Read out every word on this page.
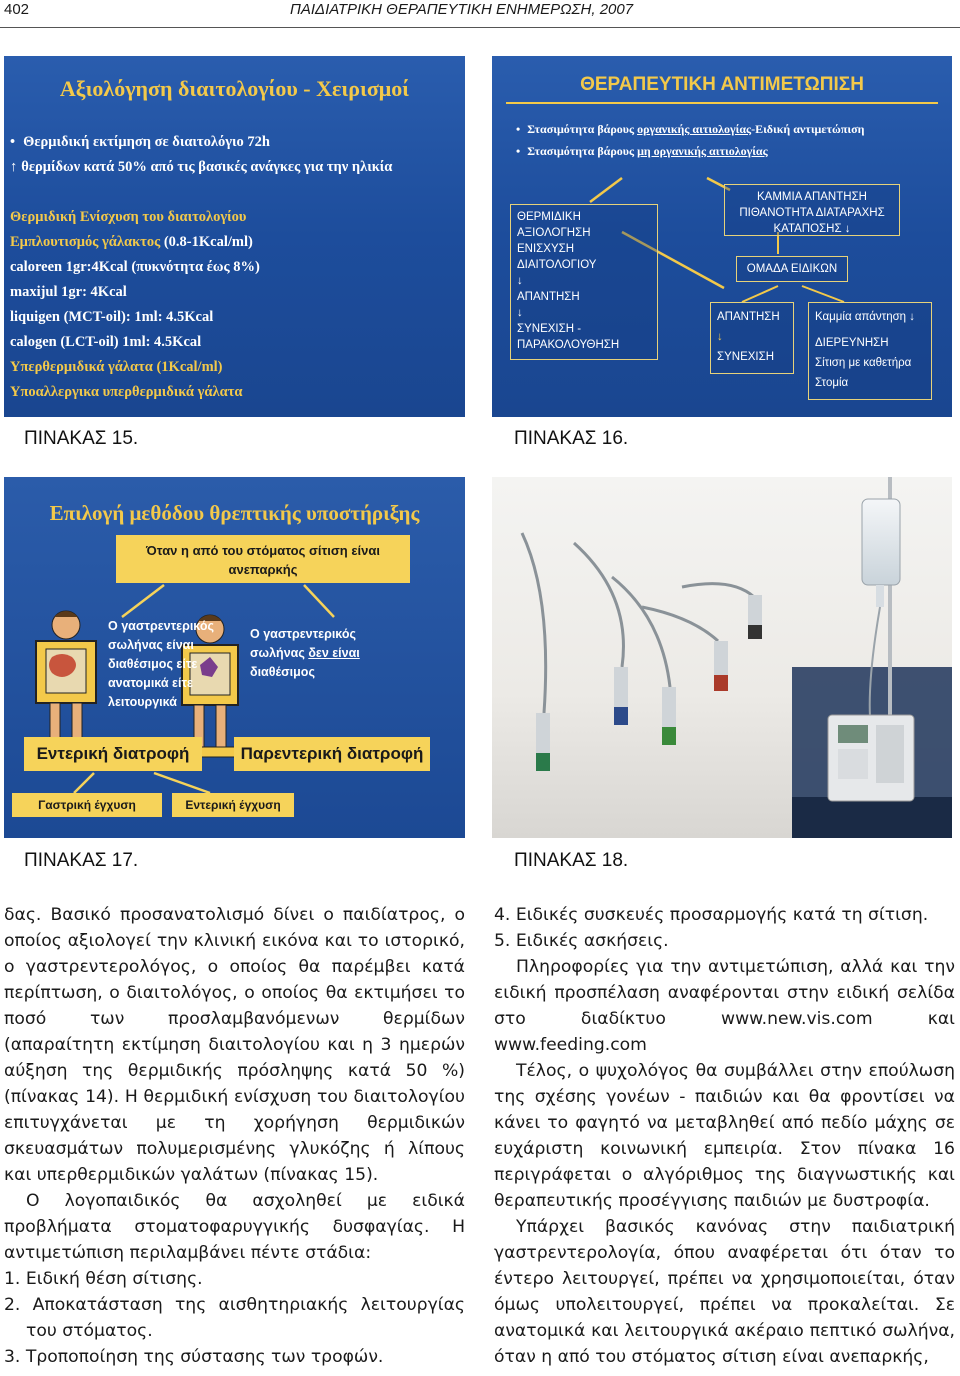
402	ΠΑΙΔΙΑΤΡΙΚΗ ΘΕΡΑΠΕΥΤΙΚΗ ΕΝΗΜΕΡΩΣΗ, 2007
Αξιολόγηση διαιτολογίου - Χειρισμοί
• Θερμιδική εκτίμηση σε διαιτολόγιο 72h
↑ θερμίδων κατά 50% από τις βασικές ανάγκες για την ηλικία
Θερμιδική Ενίσχυση του διαιτολογίου
Εμπλουτισμός γάλακτος (0.8-1Kcal/ml)
caloreen 1gr:4Kcal (πυκνότητα έως 8%)
maxijul 1gr: 4Kcal
liquigen (MCT-oil): 1ml: 4.5Kcal
calogen (LCT-oil) 1ml: 4.5Kcal
Υπερθερμιδικά γάλατα (1Kcal/ml)
Υποαλλεργικα υπερθερμιδικά γάλατα
ΠΙΝΑΚΑΣ 15.
ΘΕΡΑΠΕΥΤΙΚΗ ΑΝΤΙΜΕΤΩΠΙΣΗ
• Στασιμότητα βάρους οργανικής αιτιολογίας-Ειδική αντιμετώπιση
• Στασιμότητα βάρους μη οργανικής αιτιολογίας
ΘΕΡΜΙΔΙΚΗ
ΑΞΙΟΛΟΓΗΣΗ
ΕΝΙΣΧΥΣΗ
ΔΙΑΙΤΟΛΟΓΙΟΥ
↓
ΑΠΑΝΤΗΣΗ
↓
ΣΥΝΕΧΙΣΗ -
ΠΑΡΑΚΟΛΟΥΘΗΣΗ
ΚΑΜΜΙΑ ΑΠΑΝΤΗΣΗ
ΠΙΘΑΝΟΤΗΤΑ ΔΙΑΤΑΡΑΧΗΣ
ΚΑΤΑΠΟΣΗΣ ↓
ΟΜΑΔΑ ΕΙΔΙΚΩΝ
ΑΠΑΝΤΗΣΗ
↓
ΣΥΝΕΧΙΣΗ
Καμμία απάντηση ↓
ΔΙΕΡΕΥΝΗΣΗ
Σίτιση με καθετήρα
Στομία
ΠΙΝΑΚΑΣ 16.
Επιλογή μεθόδου θρεπτικής υποστήριξης
Όταν η από του στόματος σίτιση είναι
ανεπαρκής
Ο γαστρεντερικός
σωλήνας είναι
διαθέσιμος είτε
ανατομικά είτε
λειτουργικά
Ο γαστρεντερικός
σωλήνας δεν είναι
διαθέσιμος
Εντερική διατροφή	Παρεντερική διατροφή
Γαστρική έγχυση	Εντερική έγχυση
ΠΙΝΑΚΑΣ 17.	ΠΙΝΑΚΑΣ 18.

δας. Βασικό προσανατολισμό δίνει ο παιδίατρος, ο οποίος αξιολογεί την κλινική εικόνα και το ιστορικό, ο γαστρεντερολόγος, ο οποίος θα παρέμβει κατά περίπτωση, ο διαιτολόγος, ο οποίος θα εκτιμήσει το ποσό των προσλαμβανόμενων θερμίδων (απαραίτητη εκτίμηση διαιτολογίου και η 3 ημερών αύξηση της θερμιδικής πρόσληψης κατά 50 %) (πίνακας 14). Η θερμιδική ενίσχυση του διαιτολογίου επιτυγχάνεται με τη χορήγηση θερμιδικών σκευασμάτων πολυμερισμένης γλυκόζης ή λίπους και υπερθερμιδικών γαλάτων (πίνακας 15).

Ο λογοπαιδικός θα ασχοληθεί με ειδικά προβλήματα στοματοφαρυγγικής δυσφαγίας. Η αντιμετώπιση περιλαμβάνει πέντε στάδια:

1. Ειδική θέση σίτισης.

2. Αποκατάσταση της αισθητηριακής λειτουργίας του στόματος.

3. Τροποποίηση της σύστασης των τροφών.

4. Ειδικές συσκευές προσαρμογής κατά τη σίτιση.

5. Ειδικές ασκήσεις.

Πληροφορίες για την αντιμετώπιση, αλλά και την ειδική προσπέλαση αναφέρονται στην ειδική σελίδα στο διαδίκτυο www.new.vis.com και www.feeding.com

Τέλος, ο ψυχολόγος θα συμβάλλει στην επούλωση της σχέσης γονέων - παιδιών και θα φροντίσει να κάνει το φαγητό να μεταβληθεί από πεδίο μάχης σε ευχάριστη κοινωνική εμπειρία. Στον πίνακα 16 περιγράφεται ο αλγόριθμος της διαγνωστικής και θεραπευτικής προσέγγισης παιδιών με δυστροφία.

Υπάρχει βασικός κανόνας στην παιδιατρική γαστρεντερολογία, όπου αναφέρεται ότι όταν το έντερο λειτουργεί, πρέπει να χρησιμοποιείται, όταν όμως υπολειτουργεί, πρέπει να προκαλείται. Σε ανατομικά και λειτουργικά ακέραιο πεπτικό σωλήνα, όταν η από του στόματος σίτιση είναι ανεπαρκής,
